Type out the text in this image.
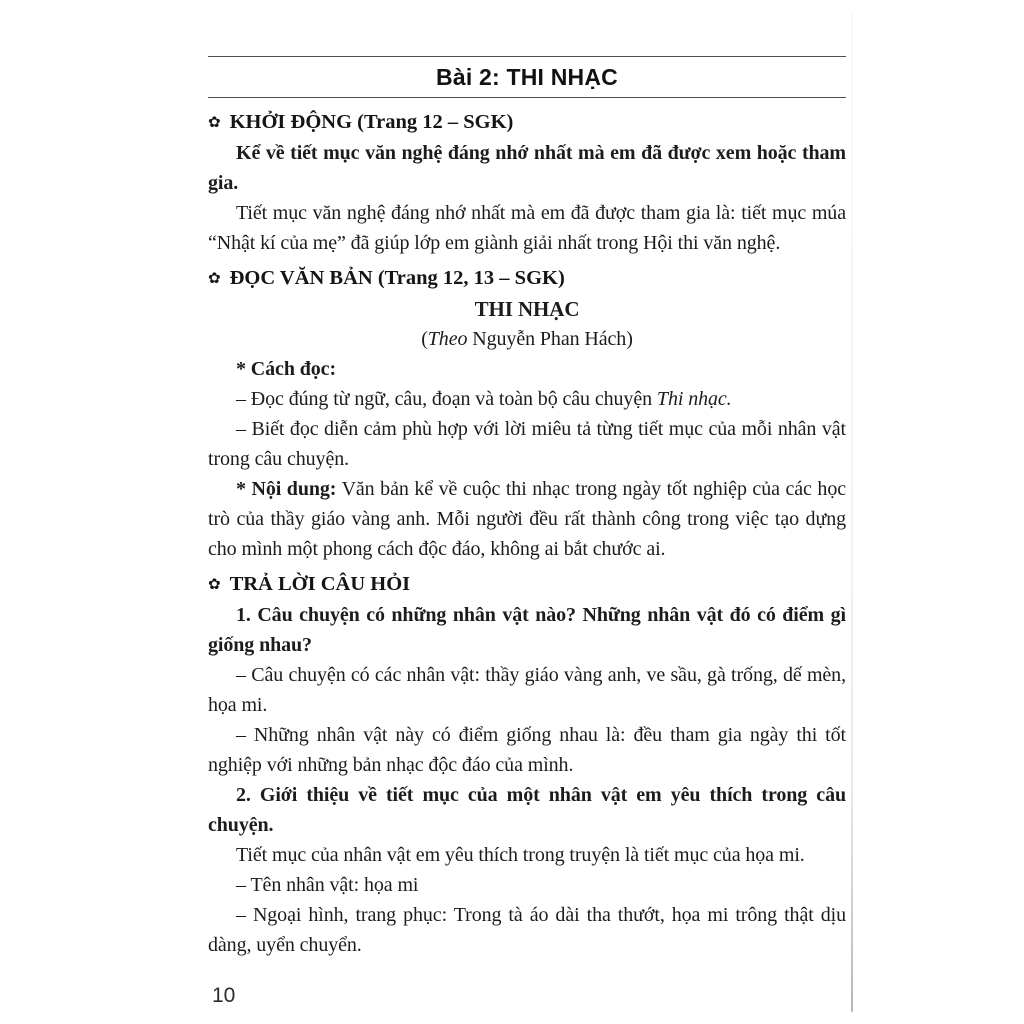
Bài 2: THI NHẠC
✿ KHỞI ĐỘNG (Trang 12 – SGK)

Kể về tiết mục văn nghệ đáng nhớ nhất mà em đã được xem hoặc tham gia.

Tiết mục văn nghệ đáng nhớ nhất mà em đã được tham gia là: tiết mục múa “Nhật kí của mẹ” đã giúp lớp em giành giải nhất trong Hội thi văn nghệ.

✿ ĐỌC VĂN BẢN (Trang 12, 13 – SGK)

THI NHẠC

(Theo Nguyễn Phan Hách)

* Cách đọc:

– Đọc đúng từ ngữ, câu, đoạn và toàn bộ câu chuyện Thi nhạc.

– Biết đọc diễn cảm phù hợp với lời miêu tả từng tiết mục của mỗi nhân vật trong câu chuyện.

* Nội dung: Văn bản kể về cuộc thi nhạc trong ngày tốt nghiệp của các học trò của thầy giáo vàng anh. Mỗi người đều rất thành công trong việc tạo dựng cho mình một phong cách độc đáo, không ai bắt chước ai.

✿ TRẢ LỜI CÂU HỎI

1. Câu chuyện có những nhân vật nào? Những nhân vật đó có điểm gì giống nhau?

– Câu chuyện có các nhân vật: thầy giáo vàng anh, ve sầu, gà trống, dế mèn, họa mi.

– Những nhân vật này có điểm giống nhau là: đều tham gia ngày thi tốt nghiệp với những bản nhạc độc đáo của mình.

2. Giới thiệu về tiết mục của một nhân vật em yêu thích trong câu chuyện.

Tiết mục của nhân vật em yêu thích trong truyện là tiết mục của họa mi.

– Tên nhân vật: họa mi

– Ngoại hình, trang phục: Trong tà áo dài tha thướt, họa mi trông thật dịu dàng, uyển chuyển.

10
